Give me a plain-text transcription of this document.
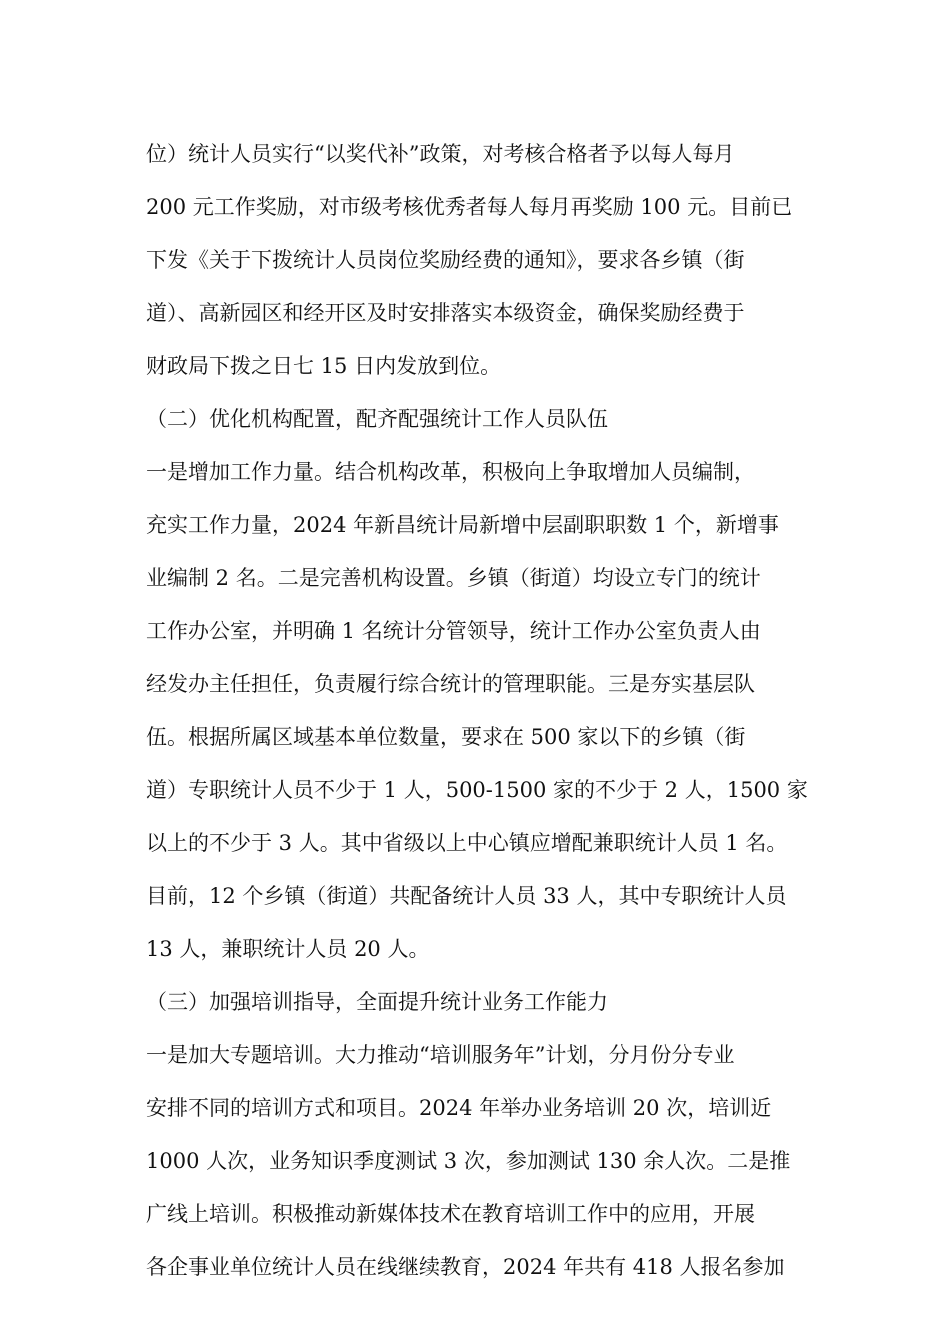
位）统计人员实行“以奖代补”政策，对考核合格者予以每人每月
200 元工作奖励，对市级考核优秀者每人每月再奖励 100 元。目前已
下发《关于下拨统计人员岗位奖励经费的通知》，要求各乡镇（街
道）、高新园区和经开区及时安排落实本级资金，确保奖励经费于
财政局下拨之日七 15 日内发放到位。
（二）优化机构配置，配齐配强统计工作人员队伍
一是增加工作力量。结合机构改革，积极向上争取增加人员编制，
充实工作力量，2024 年新昌统计局新增中层副职职数 1 个，新增事
业编制 2 名。二是完善机构设置。乡镇（街道）均设立专门的统计
工作办公室，并明确 1 名统计分管领导，统计工作办公室负责人由
经发办主任担任，负责履行综合统计的管理职能。三是夯实基层队
伍。根据所属区域基本单位数量，要求在 500 家以下的乡镇（街
道）专职统计人员不少于 1 人，500-1500 家的不少于 2 人，1500 家
以上的不少于 3 人。其中省级以上中心镇应增配兼职统计人员 1 名。
目前，12 个乡镇（街道）共配备统计人员 33 人，其中专职统计人员
13 人，兼职统计人员 20 人。
（三）加强培训指导，全面提升统计业务工作能力
一是加大专题培训。大力推动“培训服务年”计划，分月份分专业
安排不同的培训方式和项目。2024 年举办业务培训 20 次，培训近
1000 人次，业务知识季度测试 3 次，参加测试 130 余人次。二是推
广线上培训。积极推动新媒体技术在教育培训工作中的应用，开展
各企事业单位统计人员在线继续教育，2024 年共有 418 人报名参加
